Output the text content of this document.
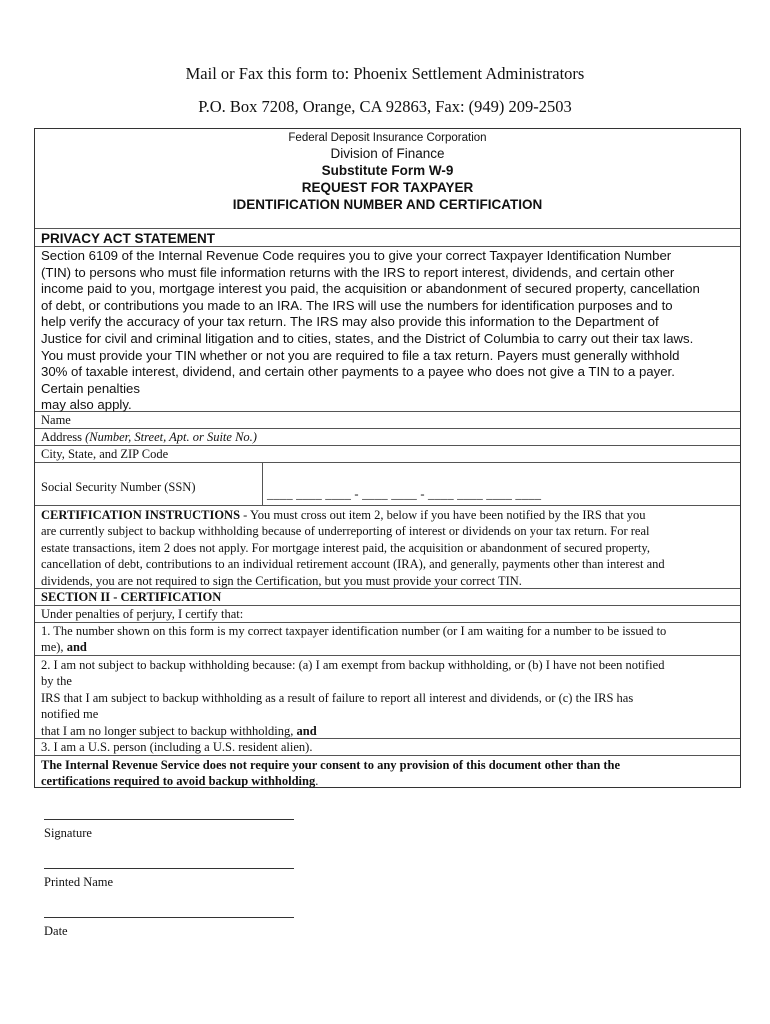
Mail or Fax this form to: Phoenix Settlement Administrators
P.O. Box 7208, Orange, CA 92863, Fax: (949) 209-2503
Federal Deposit Insurance Corporation
Division of Finance
Substitute Form W-9
REQUEST FOR TAXPAYER
IDENTIFICATION NUMBER AND CERTIFICATION
PRIVACY ACT STATEMENT
Section 6109 of the Internal Revenue Code requires you to give your correct Taxpayer Identification Number
(TIN) to persons who must file information returns with the IRS to report interest, dividends, and certain other
income paid to you, mortgage interest you paid, the acquisition or abandonment of secured property, cancellation
of debt, or contributions you made to an IRA. The IRS will use the numbers for identification purposes and to
help verify the accuracy of your tax return. The IRS may also provide this information to the Department of
Justice for civil and criminal litigation and to cities, states, and the District of Columbia to carry out their tax laws.
You must provide your TIN whether or not you are required to file a tax return. Payers must generally withhold
30% of taxable interest, dividend, and certain other payments to a payee who does not give a TIN to a payer.
Certain penalties
may also apply.
Name
Address (Number, Street, Apt. or Suite No.)
City, State, and ZIP Code
Social Security Number (SSN)	____ ____ ____ - ____ ____ - ____ ____ ____ ____
CERTIFICATION INSTRUCTIONS - You must cross out item 2, below if you have been notified by the IRS that you
are currently subject to backup withholding because of underreporting of interest or dividends on your tax return. For real
estate transactions, item 2 does not apply. For mortgage interest paid, the acquisition or abandonment of secured property,
cancellation of debt, contributions to an individual retirement account (IRA), and generally, payments other than interest and
dividends, you are not required to sign the Certification, but you must provide your correct TIN.
SECTION II - CERTIFICATION
Under penalties of perjury, I certify that:
1. The number shown on this form is my correct taxpayer identification number (or I am waiting for a number to be issued to
me), and
2. I am not subject to backup withholding because: (a) I am exempt from backup withholding, or (b) I have not been notified
by the
IRS that I am subject to backup withholding as a result of failure to report all interest and dividends, or (c) the IRS has
notified me
that I am no longer subject to backup withholding, and
3. I am a U.S. person (including a U.S. resident alien).
The Internal Revenue Service does not require your consent to any provision of this document other than the
certifications required to avoid backup withholding.
Signature
Printed Name
Date
